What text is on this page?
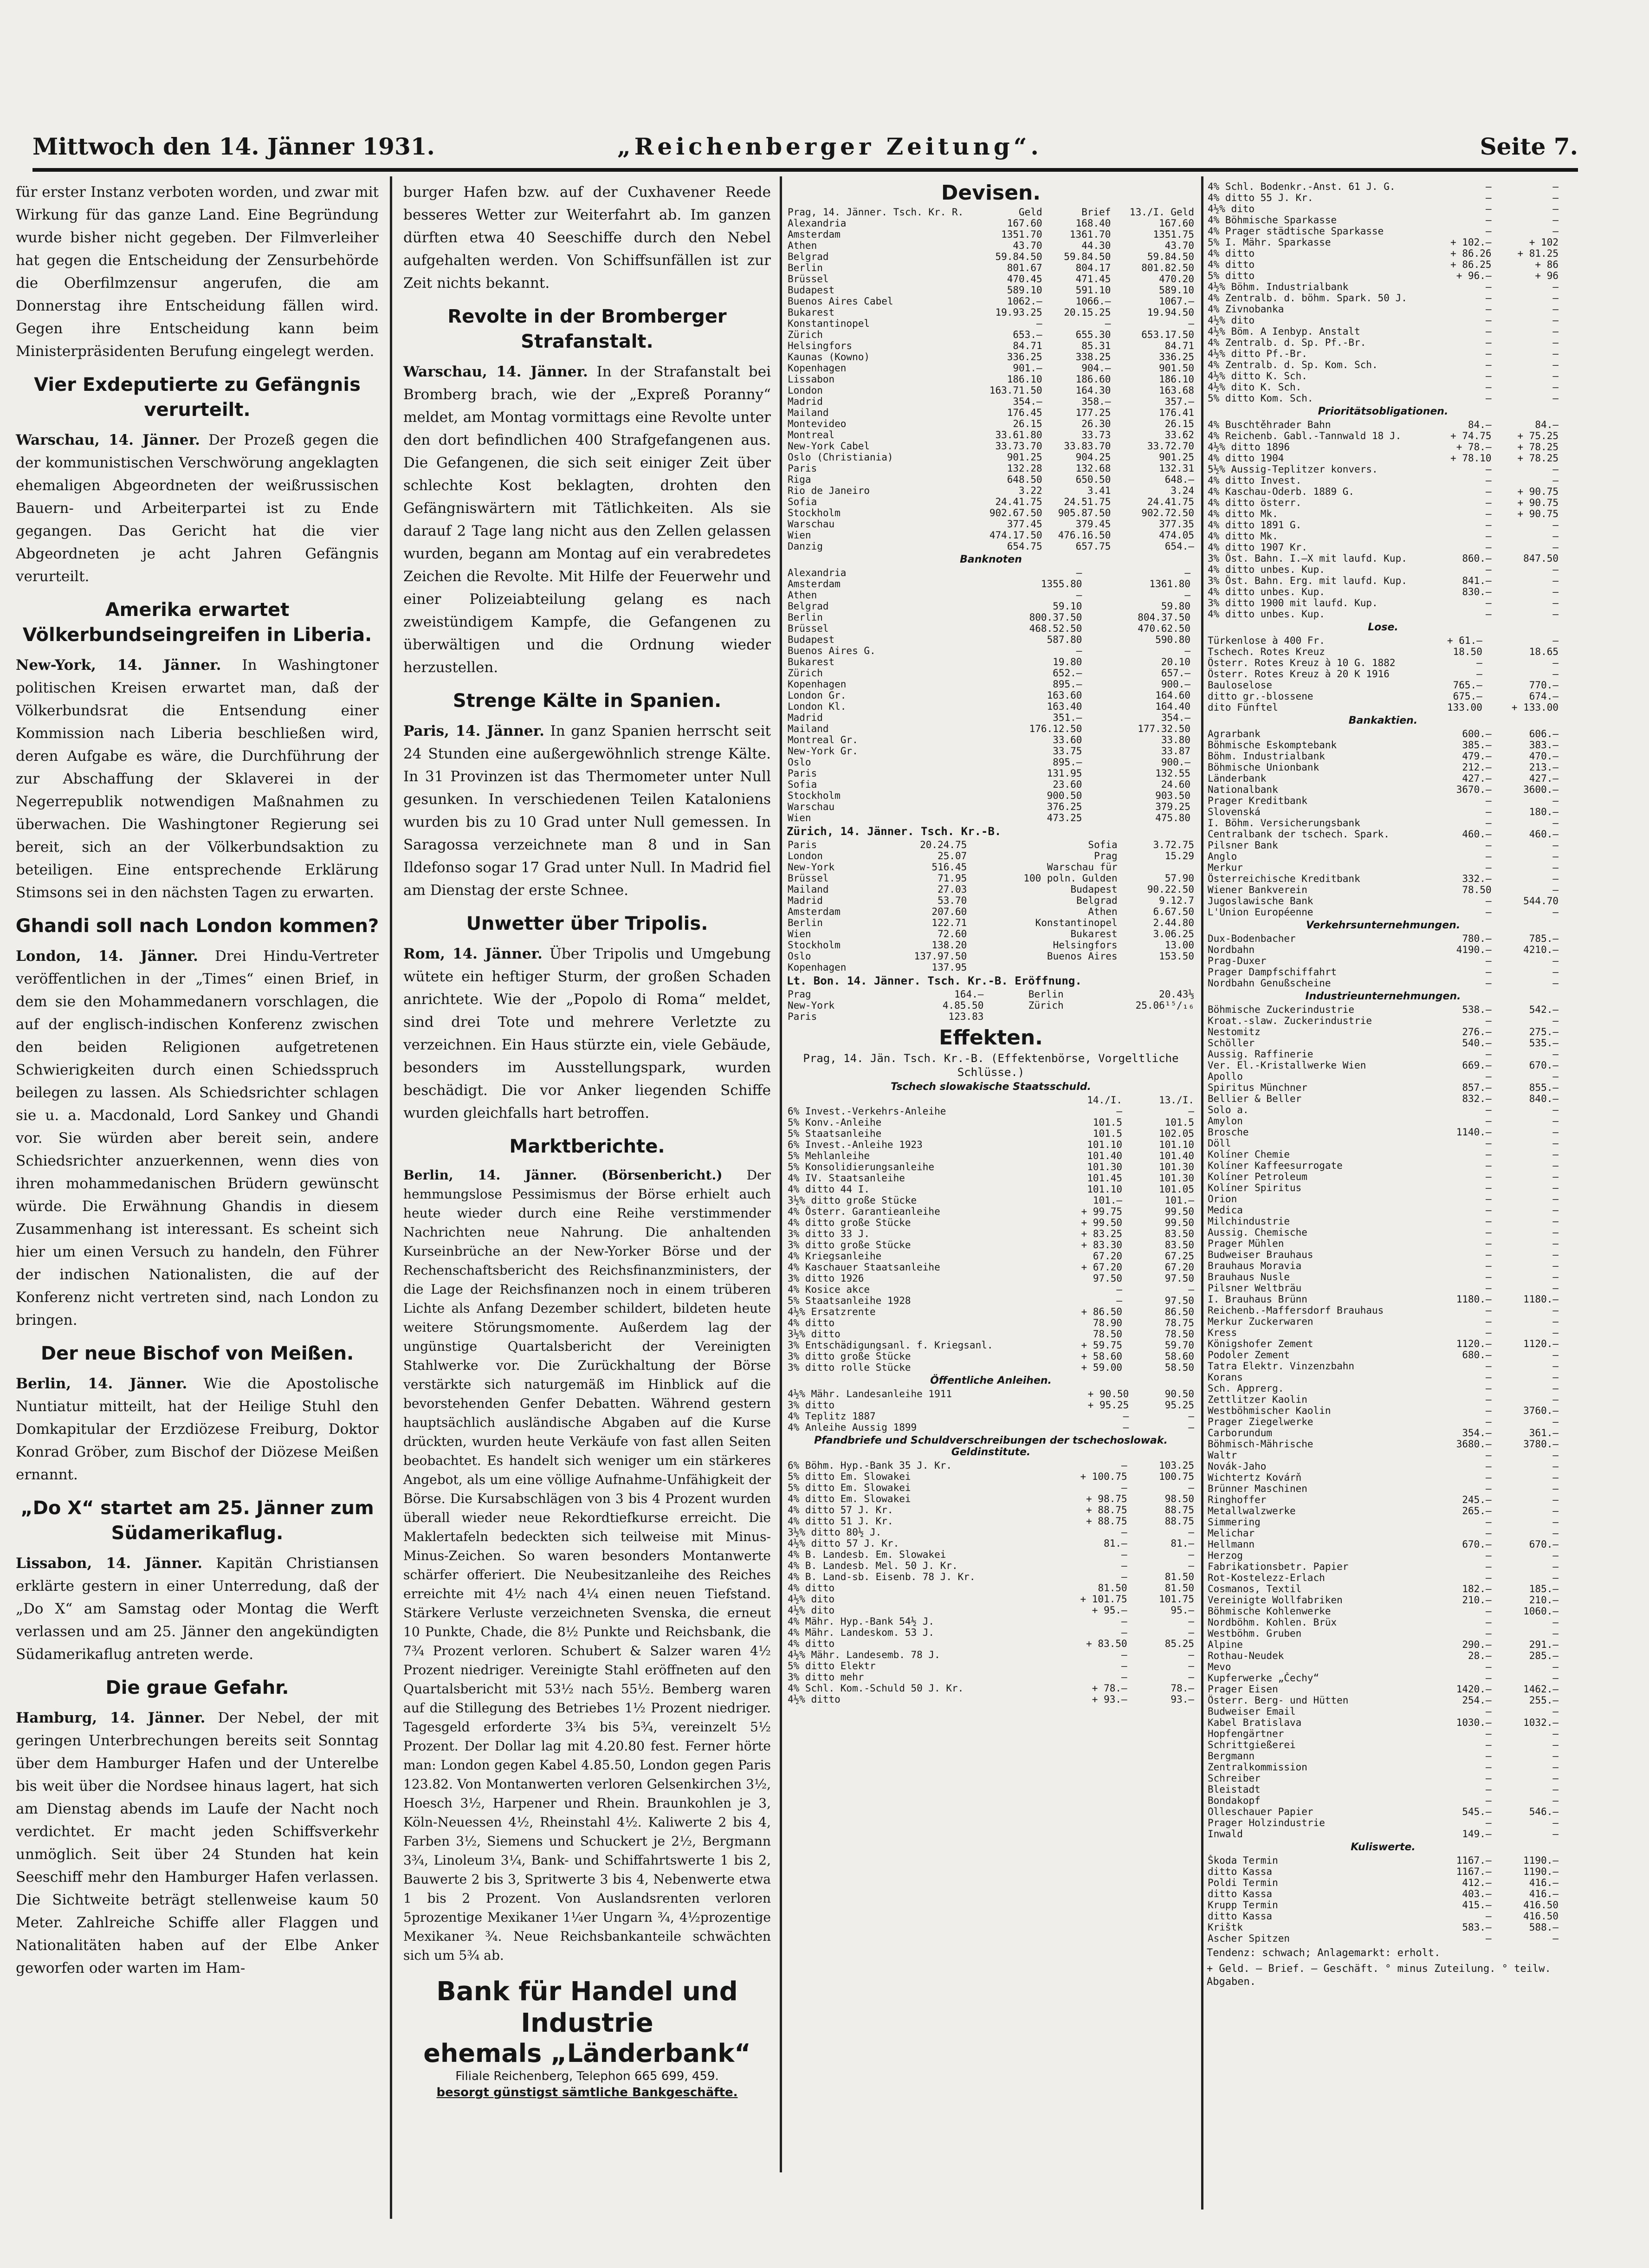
Mittwoch den 14. Jänner 1931.	„Reichenberger Zeitung“.	Seite 7.

für erster Instanz verboten worden, und zwar mit Wirkung für das ganze Land. Eine Begründung wurde bisher nicht gegeben. Der Filmverleiher hat gegen die Entscheidung der Zensurbehörde die Oberfilmzensur angerufen, die am Donnerstag ihre Entscheidung fällen wird. Gegen ihre Entscheidung kann beim Ministerpräsidenten Berufung eingelegt werden.

Vier Exdeputierte zu Gefängnis verurteilt.

Warschau, 14. Jänner. Der Prozeß gegen die der kommunistischen Verschwörung angeklagten ehemaligen Abgeordneten der weißrussischen Bauern- und Arbeiterpartei ist zu Ende gegangen. Das Gericht hat die vier Abgeordneten je acht Jahren Gefängnis verurteilt.

Amerika erwartet Völkerbundseingreifen in Liberia.

New-York, 14. Jänner. In Washingtoner politischen Kreisen erwartet man, daß der Völkerbundsrat die Entsendung einer Kommission nach Liberia beschließen wird, deren Aufgabe es wäre, die Durchführung der zur Abschaffung der Sklaverei in der Negerrepublik notwendigen Maßnahmen zu überwachen. Die Washingtoner Regierung sei bereit, sich an der Völkerbundsaktion zu beteiligen. Eine entsprechende Erklärung Stimsons sei in den nächsten Tagen zu erwarten.

Ghandi soll nach London kommen?

London, 14. Jänner. Drei Hindu-Vertreter veröffentlichen in der „Times“ einen Brief, in dem sie den Mohammedanern vorschlagen, die auf der englisch-indischen Konferenz zwischen den beiden Religionen aufgetretenen Schwierigkeiten durch einen Schiedsspruch beilegen zu lassen. Als Schiedsrichter schlagen sie u. a. Macdonald, Lord Sankey und Ghandi vor. Sie würden aber bereit sein, andere Schiedsrichter anzuerkennen, wenn dies von ihren mohammedanischen Brüdern gewünscht würde. Die Erwähnung Ghandis in diesem Zusammenhang ist interessant. Es scheint sich hier um einen Versuch zu handeln, den Führer der indischen Nationalisten, die auf der Konferenz nicht vertreten sind, nach London zu bringen.

Der neue Bischof von Meißen.

Berlin, 14. Jänner. Wie die Apostolische Nuntiatur mitteilt, hat der Heilige Stuhl den Domkapitular der Erzdiözese Freiburg, Doktor Konrad Gröber, zum Bischof der Diözese Meißen ernannt.

„Do X“ startet am 25. Jänner zum Südamerikaflug.

Lissabon, 14. Jänner. Kapitän Christiansen erklärte gestern in einer Unterredung, daß der „Do X“ am Samstag oder Montag die Werft verlassen und am 25. Jänner den angekündigten Südamerikaflug antreten werde.

Die graue Gefahr.

Hamburg, 14. Jänner. Der Nebel, der mit geringen Unterbrechungen bereits seit Sonntag über dem Hamburger Hafen und der Unterelbe bis weit über die Nordsee hinaus lagert, hat sich am Dienstag abends im Laufe der Nacht noch verdichtet. Er macht jeden Schiffsverkehr unmöglich. Seit über 24 Stunden hat kein Seeschiff mehr den Hamburger Hafen verlassen. Die Sichtweite beträgt stellenweise kaum 50 Meter. Zahlreiche Schiffe aller Flaggen und Nationalitäten haben auf der Elbe Anker geworfen oder warten im Ham-

burger Hafen bzw. auf der Cuxhavener Reede besseres Wetter zur Weiterfahrt ab. Im ganzen dürften etwa 40 Seeschiffe durch den Nebel aufgehalten werden. Von Schiffsunfällen ist zur Zeit nichts bekannt.

Revolte in der Bromberger Strafanstalt.

Warschau, 14. Jänner. In der Strafanstalt bei Bromberg brach, wie der „Expreß Poranny“ meldet, am Montag vormittags eine Revolte unter den dort befindlichen 400 Strafgefangenen aus. Die Gefangenen, die sich seit einiger Zeit über schlechte Kost beklagten, drohten den Gefängniswärtern mit Tätlichkeiten. Als sie darauf 2 Tage lang nicht aus den Zellen gelassen wurden, begann am Montag auf ein verabredetes Zeichen die Revolte. Mit Hilfe der Feuerwehr und einer Polizeiabteilung gelang es nach zweistündigem Kampfe, die Gefangenen zu überwältigen und die Ordnung wieder herzustellen.

Strenge Kälte in Spanien.

Paris, 14. Jänner. In ganz Spanien herrscht seit 24 Stunden eine außergewöhnlich strenge Kälte. In 31 Provinzen ist das Thermometer unter Null gesunken. In verschiedenen Teilen Kataloniens wurden bis zu 10 Grad unter Null gemessen. In Saragossa verzeichnete man 8 und in San Ildefonso sogar 17 Grad unter Null. In Madrid fiel am Dienstag der erste Schnee.

Unwetter über Tripolis.

Rom, 14. Jänner. Über Tripolis und Umgebung wütete ein heftiger Sturm, der großen Schaden anrichtete. Wie der „Popolo di Roma“ meldet, sind drei Tote und mehrere Verletzte zu verzeichnen. Ein Haus stürzte ein, viele Gebäude, besonders im Ausstellungspark, wurden beschädigt. Die vor Anker liegenden Schiffe wurden gleichfalls hart betroffen.

Marktberichte.

Berlin, 14. Jänner. (Börsenbericht.) Der hemmungslose Pessimismus der Börse erhielt auch heute wieder durch eine Reihe verstimmender Nachrichten neue Nahrung. Die anhaltenden Kurseinbrüche an der New-Yorker Börse und der Rechenschaftsbericht des Reichsfinanzministers, der die Lage der Reichsfinanzen noch in einem trüberen Lichte als Anfang Dezember schildert, bildeten heute weitere Störungsmomente. Außerdem lag der ungünstige Quartalsbericht der Vereinigten Stahlwerke vor. Die Zurückhaltung der Börse verstärkte sich naturgemäß im Hinblick auf die bevorstehenden Genfer Debatten. Während gestern hauptsächlich ausländische Abgaben auf die Kurse drückten, wurden heute Verkäufe von fast allen Seiten beobachtet. Es handelt sich weniger um ein stärkeres Angebot, als um eine völlige Aufnahme-Unfähigkeit der Börse. Die Kursabschlägen von 3 bis 4 Prozent wurden überall wieder neue Rekordtiefkurse erreicht. Die Maklertafeln bedeckten sich teilweise mit Minus-Minus-Zeichen. So waren besonders Montanwerte schärfer offeriert. Die Neubesitzanleihe des Reiches erreichte mit 4½ nach 4¼ einen neuen Tiefstand. Stärkere Verluste verzeichneten Svenska, die erneut 10 Punkte, Chade, die 8½ Punkte und Reichsbank, die 7¾ Prozent verloren. Schubert & Salzer waren 4½ Prozent niedriger. Vereinigte Stahl eröffneten auf den Quartalsbericht mit 53½ nach 55½. Bemberg waren auf die Stillegung des Betriebes 1½ Prozent niedriger. Tagesgeld erforderte 3¾ bis 5¾, vereinzelt 5½ Prozent. Der Dollar lag mit 4.20.80 fest. Ferner hörte man: London gegen Kabel 4.85.50, London gegen Paris 123.82. Von Montanwerten verloren Gelsenkirchen 3½, Hoesch 3½, Harpener und Rhein. Braunkohlen je 3, Köln-Neuessen 4½, Rheinstahl 4½. Kaliwerte 2 bis 4, Farben 3½, Siemens und Schuckert je 2½, Bergmann 3¾, Linoleum 3¼, Bank- und Schiffahrtswerte 1 bis 2, Bauwerte 2 bis 3, Spritwerte 3 bis 4, Nebenwerte etwa 1 bis 2 Prozent. Von Auslandsrenten verloren 5prozentige Mexikaner 1¼er Ungarn ¾, 4½prozentige Mexikaner ¾. Neue Reichsbankanteile schwächten sich um 5¾ ab.

Bank für Handel und Industrie
ehemals „Länderbank“
Filiale Reichenberg, Telephon 665 699, 459.
besorgt günstigst sämtliche Bankgeschäfte.
Devisen.
Prag, 14. Jänner. Tsch. Kr. R.	Geld	Brief	13./I. Geld
Alexandria	167.60	168.40	167.60
Amsterdam	1351.70	1361.70	1351.75
Athen	43.70	44.30	43.70
Belgrad	59.84.50	59.84.50	59.84.50
Berlin	801.67	804.17	801.82.50
Brüssel	470.45	471.45	470.20
Budapest	589.10	591.10	589.10
Buenos Aires Cabel	1062.—	1066.—	1067.—
Bukarest	19.93.25	20.15.25	19.94.50
Konstantinopel	—	—	—
Zürich	653.—	655.30	653.17.50
Helsingfors	84.71	85.31	84.71
Kaunas (Kowno)	336.25	338.25	336.25
Kopenhagen	901.—	904.—	901.50
Lissabon	186.10	186.60	186.10
London	163.71.50	164.30	163.68
Madrid	354.—	358.—	357.—
Mailand	176.45	177.25	176.41
Montevideo	26.15	26.30	26.15
Montreal	33.61.80	33.73	33.62
New-York Cabel	33.73.70	33.83.70	33.72.70
Oslo (Christiania)	901.25	904.25	901.25
Paris	132.28	132.68	132.31
Riga	648.50	650.50	648.—
Rio de Janeiro	3.22	3.41	3.24
Sofia	24.41.75	24.51.75	24.41.75
Stockholm	902.67.50	905.87.50	902.72.50
Warschau	377.45	379.45	377.35
Wien	474.17.50	476.16.50	474.05
Danzig	654.75	657.75	654.—
Banknoten
Alexandria	—	—	
Amsterdam	1355.80	1361.80	
Athen	—	—	
Belgrad	59.10	59.80	
Berlin	800.37.50	804.37.50	
Brüssel	468.52.50	470.62.50	
Budapest	587.80	590.80	
Buenos Aires G.	—	—	
Bukarest	19.80	20.10	
Zürich	652.—	657.—	
Kopenhagen	895.—	900.—	
London Gr.	163.60	164.60	
London Kl.	163.40	164.40	
Madrid	351.—	354.—	
Mailand	176.12.50	177.32.50	
Montreal Gr.	33.60	33.80	
New-York Gr.	33.75	33.87	
Oslo	895.—	900.—	
Paris	131.95	132.55	
Sofia	23.60	24.60	
Stockholm	900.50	903.50	
Warschau	376.25	379.25	
Wien	473.25	475.80	
Zürich, 14. Jänner. Tsch. Kr.-B.
Paris	20.24.75	Sofia	3.72.75
London	25.07	Prag	15.29
New-York	516.45	Warschau für	
Brüssel	71.95	100 poln. Gulden	57.90
Mailand	27.03	Budapest	90.22.50
Madrid	53.70	Belgrad	9.12.7
Amsterdam	207.60	Athen	6.67.50
Berlin	122.71	Konstantinopel	2.44.80
Wien	72.60	Bukarest	3.06.25
Stockholm	138.20	Helsingfors	13.00
Oslo	137.97.50	Buenos Aires	153.50
Kopenhagen	137.95		
Lt. Bon. 14. Jänner. Tsch. Kr.-B. Eröffnung.
Prag	164.—	Berlin	20.43⅓
New-York	4.85.50	Zürich	25.06¹⁵/₁₆
Paris	123.83		
Effekten.
Prag, 14. Jän. Tsch. Kr.-B. (Effektenbörse, Vorgeltliche Schlüsse.)
Tschech slowakische Staatsschuld.
	14./I.	13./I.
6% Invest.-Verkehrs-Anleihe	—	—
5% Konv.-Anleihe	101.5	101.5
5% Staatsanleihe	101.5	102.05
6% Invest.-Anleihe 1923	101.10	101.10
5% Mehlanleihe	101.40	101.40
5% Konsolidierungsanleihe	101.30	101.30
4% IV. Staatsanleihe	101.45	101.30
4% ditto 44 I.	101.10	101.05
3½% ditto große Stücke	101.—	101.—
4% Österr. Garantieanleihe	+ 99.75	99.50
4% ditto große Stücke	+ 99.50	99.50
3% ditto 33 J.	+ 83.25	83.50
3% ditto große Stücke	+ 83.30	83.50
4% Kriegsanleihe	67.20	67.25
4% Kaschauer Staatsanleihe	+ 67.20	67.20
3% ditto 1926	97.50	97.50
4% Kosice akce	—	—
5% Staatsanleihe 1928	—	97.50
4½% Ersatzrente	+ 86.50	86.50
4% ditto	78.90	78.75
3½% ditto	78.50	78.50
3% Entschädigungsanl. f. Kriegsanl.	+ 59.75	59.70
3% ditto große Stücke	+ 58.60	58.60
3% ditto rolle Stücke	+ 59.00	58.50
Öffentliche Anleihen.
4½% Mähr. Landesanleihe 1911	+ 90.50	90.50
3% ditto	+ 95.25	95.25
4% Teplitz 1887	—	—
4% Anleihe Aussig 1899	—	—
Pfandbriefe und Schuldverschreibungen der tschechoslowak. Geldinstitute.
6% Böhm. Hyp.-Bank 35 J. Kr.	—	103.25
5% ditto Em. Slowakei	+ 100.75	100.75
5% ditto Em. Slowakei	—	—
4% ditto Em. Slowakei	+ 98.75	98.50
4% ditto 57 J. Kr.	+ 88.75	88.75
4% ditto 51 J. Kr.	+ 88.75	88.75
3½% ditto 80½ J.	—	—
4½% ditto 57 J. Kr.	81.—	81.—
4% B. Landesb. Em. Slowakei	—	—
4% B. Landesb. Mel. 50 J. Kr.	—	—
4% B. Land-sb. Eisenb. 78 J. Kr.	—	81.50
4% ditto	81.50	81.50
4½% dito	+ 101.75	101.75
4½% dito	+ 95.—	95.—
4% Mähr. Hyp.-Bank 54½ J.	—	—
4% Mähr. Landeskom. 53 J.	—	—
4% ditto	+ 83.50	85.25
4½% Mähr. Landesemb. 78 J.	—	—
5% ditto Elektr	—	—
3% ditto mehr	—	—
4% Schl. Kom.-Schuld 50 J. Kr.	+ 78.—	78.—
4½% ditto	+ 93.—	93.—
4% Schl. Bodenkr.-Anst. 61 J. G.	—	—
4% ditto 55 J. Kr.	—	—
4½% dito	—	—
4% Böhmische Sparkasse	—	—
4% Prager städtische Sparkasse	—	—
5% I. Mähr. Sparkasse	+ 102.—	+ 102
4% ditto	+ 86.26	+ 81.25
4% ditto	+ 86.25	+ 86
5% ditto	+ 96.—	+ 96
4½% Böhm. Industrialbank	—	—
4% Zentralb. d. böhm. Spark. 50 J.	—	—
4% Zivnobanka	—	—
4½% dito	—	—
4½% Böm. A Ienbyp. Anstalt	—	—
4% Zentralb. d. Sp. Pf.-Br.	—	—
4½% ditto Pf.-Br.	—	—
4% Zentralb. d. Sp. Kom. Sch.	—	—
4½% ditto K. Sch.	—	—
4½% dito K. Sch.	—	—
5% ditto Kom. Sch.	—	—
Prioritätsobligationen.
4% Buschtěhrader Bahn	84.—	84.—
4% Reichenb. Gabl.-Tannwald 18 J.	+ 74.75	+ 75.25
4½% ditto 1896	+ 78.—	+ 78.25
4% ditto 1904	+ 78.10	+ 78.25
5½% Aussig-Teplitzer konvers.	—	—
4% ditto Invest.	—	—
4% Kaschau-Oderb. 1889 G.	—	+ 90.75
4% ditto österr.	—	+ 90.75
4% ditto Mk.	—	+ 90.75
4% ditto 1891 G.	—	—
4% ditto Mk.	—	—
4% ditto 1907 Kr.	—	—
3% Öst. Bahn. I.—X mit laufd. Kup.	860.—	847.50
4% ditto unbes. Kup.	—	—
3% Öst. Bahn. Erg. mit laufd. Kup.	841.—	—
4% ditto unbes. Kup.	830.—	—
3% ditto 1900 mit laufd. Kup.	—	—
4% ditto unbes. Kup.	—	—
Lose.
Türkenlose à 400 Fr.	+ 61.—	—
Tschech. Rotes Kreuz	18.50	18.65
Österr. Rotes Kreuz à 10 G. 1882	—	—
Österr. Rotes Kreuz à 20 K 1916	—	—
Bauloselose	765.—	770.—
ditto gr.-blossene	675.—	674.—
dito Fünftel	133.00	+ 133.00
Bankaktien.
Agrarbank	600.—	606.—
Böhmische Eskomptebank	385.—	383.—
Böhm. Industrialbank	479.—	470.—
Böhmische Unionbank	212.—	213.—
Länderbank	427.—	427.—
Nationalbank	3670.—	3600.—
Prager Kreditbank	—	—
Slovenská	—	180.—
I. Böhm. Versicherungsbank	—	—
Centralbank der tschech. Spark.	460.—	460.—
Pilsner Bank	—	—
Anglo	—	—
Merkur	—	—
Österreichische Kreditbank	332.—	—
Wiener Bankverein	78.50	—
Jugoslawische Bank	—	544.70
L'Union Européenne	—	—
Verkehrsunternehmungen.
Dux-Bodenbacher	780.—	785.—
Nordbahn	4190.—	4210.—
Prag-Duxer	—	—
Prager Dampfschiffahrt	—	—
Nordbahn Genußscheine	—	—
Industrieunternehmungen.
Böhmische Zuckerindustrie	538.—	542.—
Kroat.-slaw. Zuckerindustrie	—	—
Nestomitz	276.—	275.—
Schöller	540.—	535.—
Aussig. Raffinerie	—	—
Ver. El.-Kristallwerke Wien	669.—	670.—
Apollo	—	—
Spiritus Münchner	857.—	855.—
Bellier & Beller	832.—	840.—
Solo a.	—	—
Amylon	—	—
Brosche	1140.—	—
Döll	—	—
Kolíner Chemie	—	—
Kolíner Kaffeesurrogate	—	—
Kolíner Petroleum	—	—
Kolíner Spiritus	—	—
Orion	—	—
Medica	—	—
Milchindustrie	—	—
Aussig. Chemische	—	—
Prager Mühlen	—	—
Budweiser Brauhaus	—	—
Brauhaus Moravia	—	—
Brauhaus Nusle	—	—
Pilsner Weltbräu	—	—
I. Brauhaus Brünn	1180.—	1180.—
Reichenb.-Maffersdorf Brauhaus	—	—
Merkur Zuckerwaren	—	—
Kress	—	—
Königshofer Zement	1120.—	1120.—
Podoler Zement	680.—	—
Tatra Elektr. Vinzenzbahn	—	—
Korans	—	—
Sch. Apprerg.	—	—
Zettlitzer Kaolin	—	—
Westböhmischer Kaolin	—	3760.—
Prager Ziegelwerke	—	—
Carborundum	354.—	361.—
Böhmisch-Mährische	3680.—	3780.—
Waltr	—	—
Novák-Jaho	—	—
Wichtertz Kovárň	—	—
Brünner Maschinen	—	—
Ringhoffer	245.—	—
Metallwalzwerke	265.—	—
Simmering	—	—
Melichar	—	—
Hellmann	670.—	670.—
Herzog	—	—
Fabrikationsbetr. Papier	—	—
Rot-Kostelezz-Erlach	—	—
Cosmanos, Textil	182.—	185.—
Vereinigte Wollfabriken	210.—	210.—
Böhmische Kohlenwerke	—	1060.—
Nordböhm. Kohlen. Brüx	—	—
Westböhm. Gruben	—	—
Alpine	290.—	291.—
Rothau-Neudek	28.—	285.—
Mevo	—	—
Kupferwerke „Čechy“	—	—
Prager Eisen	1420.—	1462.—
Österr. Berg- und Hütten	254.—	255.—
Budweiser Email	—	—
Kabel Bratislava	1030.—	1032.—
Hopfengärtner	—	—
Schrittgießerei	—	—
Bergmann	—	—
Zentralkommission	—	—
Schreiber	—	—
Bleistadt	—	—
Bondakopf	—	—
Olleschauer Papier	545.—	546.—
Prager Holzindustrie	—	—
Inwald	149.—	—
Kuliswerte.
Škoda Termin	1167.—	1190.—
ditto Kassa	1167.—	1190.—
Poldi Termin	412.—	416.—
ditto Kassa	403.—	416.—
Krupp Termin	415.—	416.50
ditto Kassa	—	416.50
Krištk	583.—	588.—
Ascher Spitzen	—	—
Tendenz: schwach; Anlagemarkt: erholt.
+ Geld. — Brief. — Geschäft. ° minus Zuteilung. ° teilw. Abgaben.
